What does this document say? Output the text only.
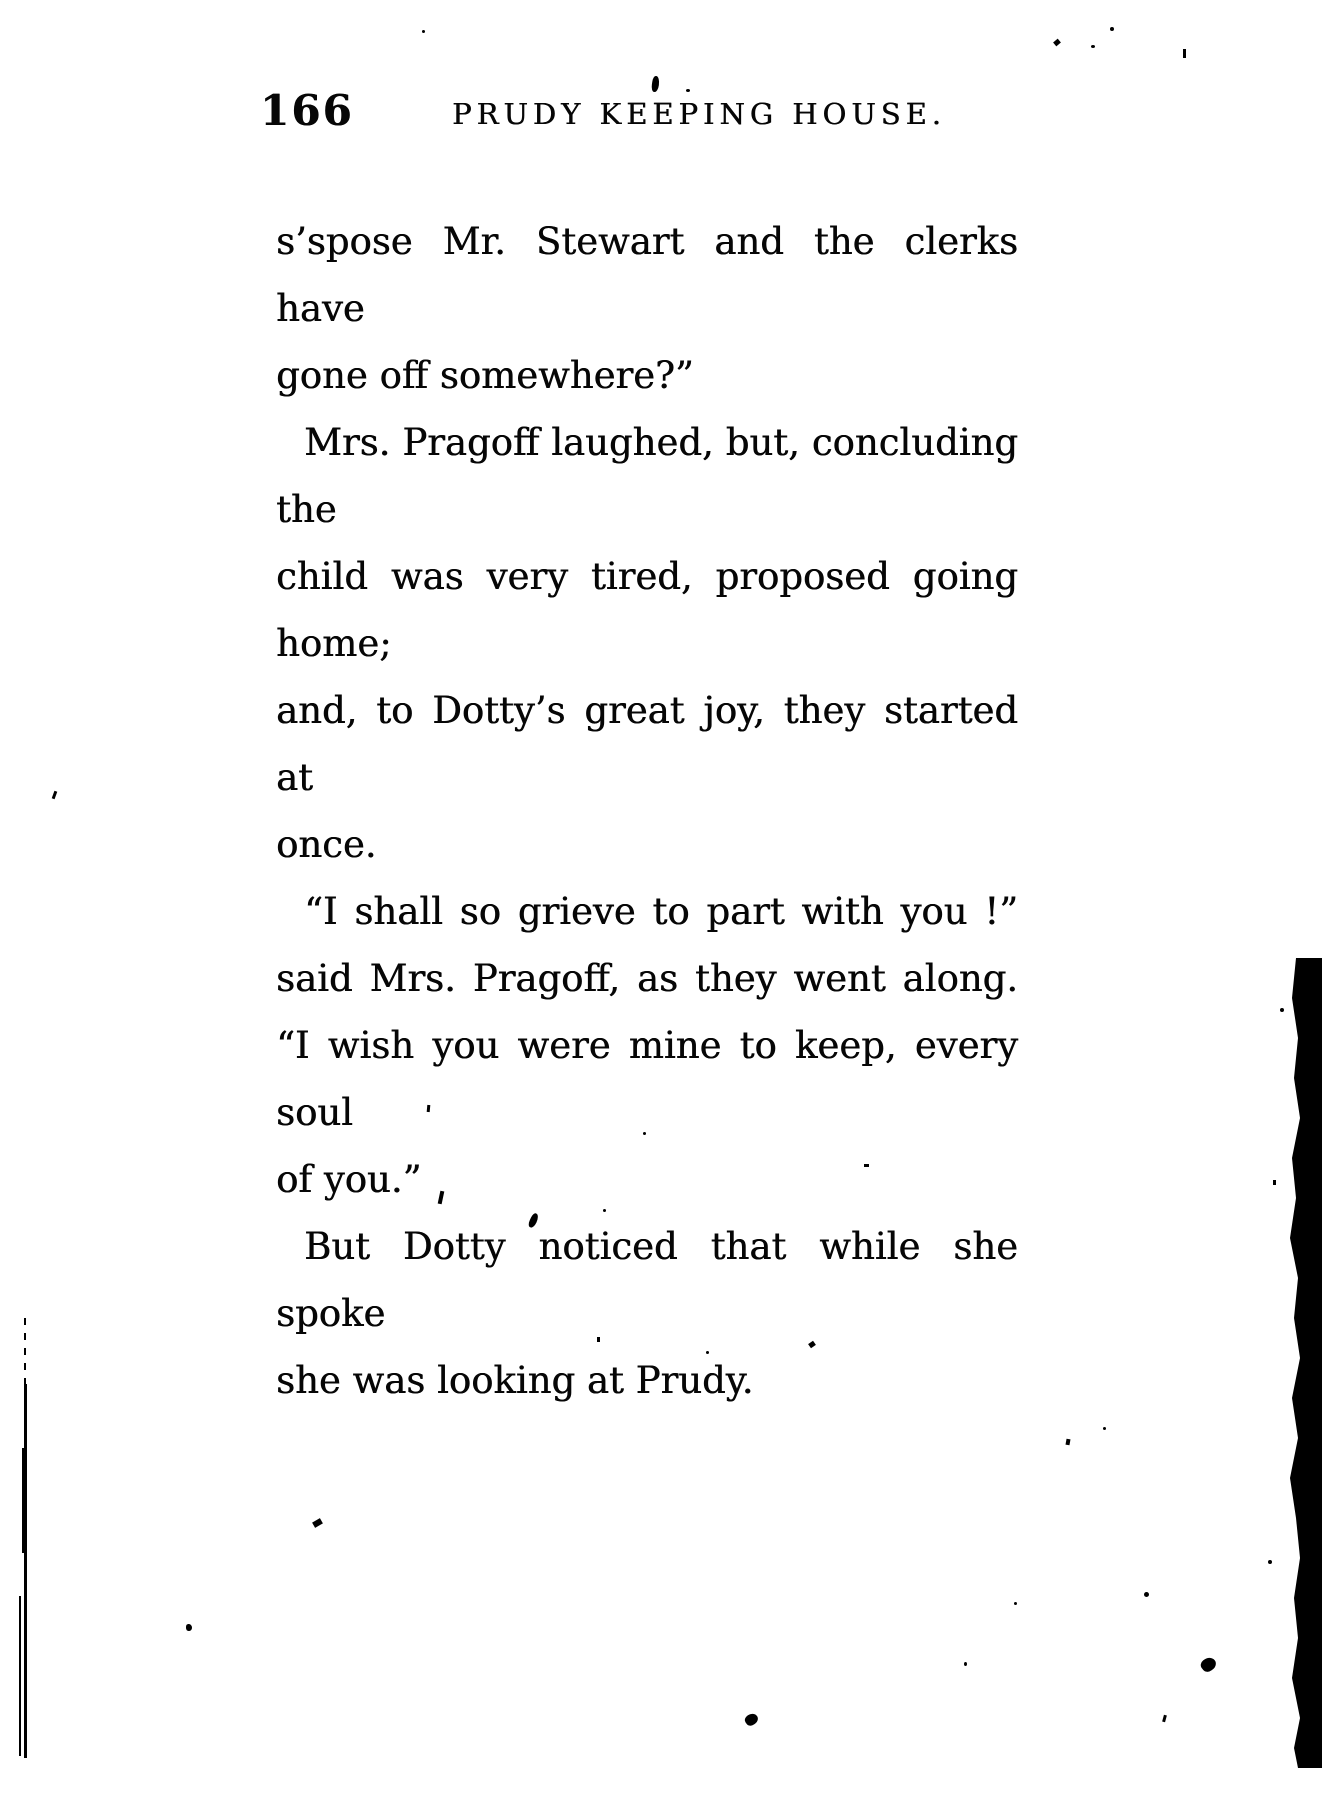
166	PRUDY KEEPING HOUSE.
s’spose Mr. Stewart and the clerks have
gone off somewhere?”
Mrs. Pragoff laughed, but, concluding the
child was very tired, proposed going home;
and, to Dotty’s great joy, they started at
once.
“I shall so grieve to part with you !”
said Mrs. Pragoff, as they went along.
“I wish you were mine to keep, every soul
of you.”
But Dotty noticed that while she spoke
she was looking at Prudy.
